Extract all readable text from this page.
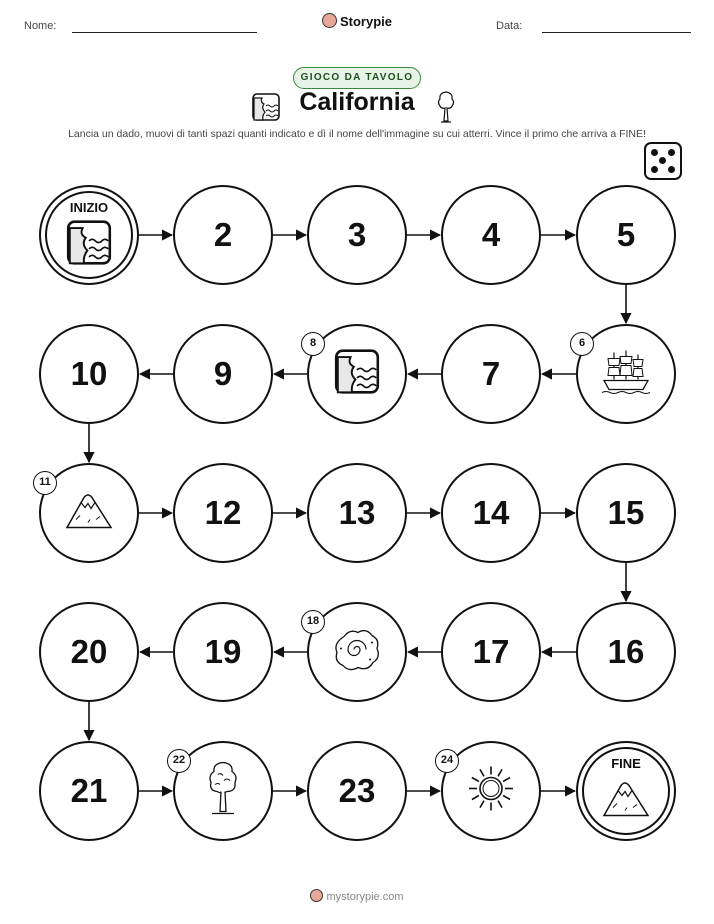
Nome:	Storypie	Data:
GIOCO DA TAVOLO
California
Lancia un dado, muovi di tanti spazi quanti indicato e dì il nome dell'immagine su cui atterri. Vince il primo che arriva a FINE!
FINE
23
21
20	19	17	16
15
14
13
12
10	9	7
5
4
3
2
INIZIO
6
8
11
18
22	24
mystorypie.com
